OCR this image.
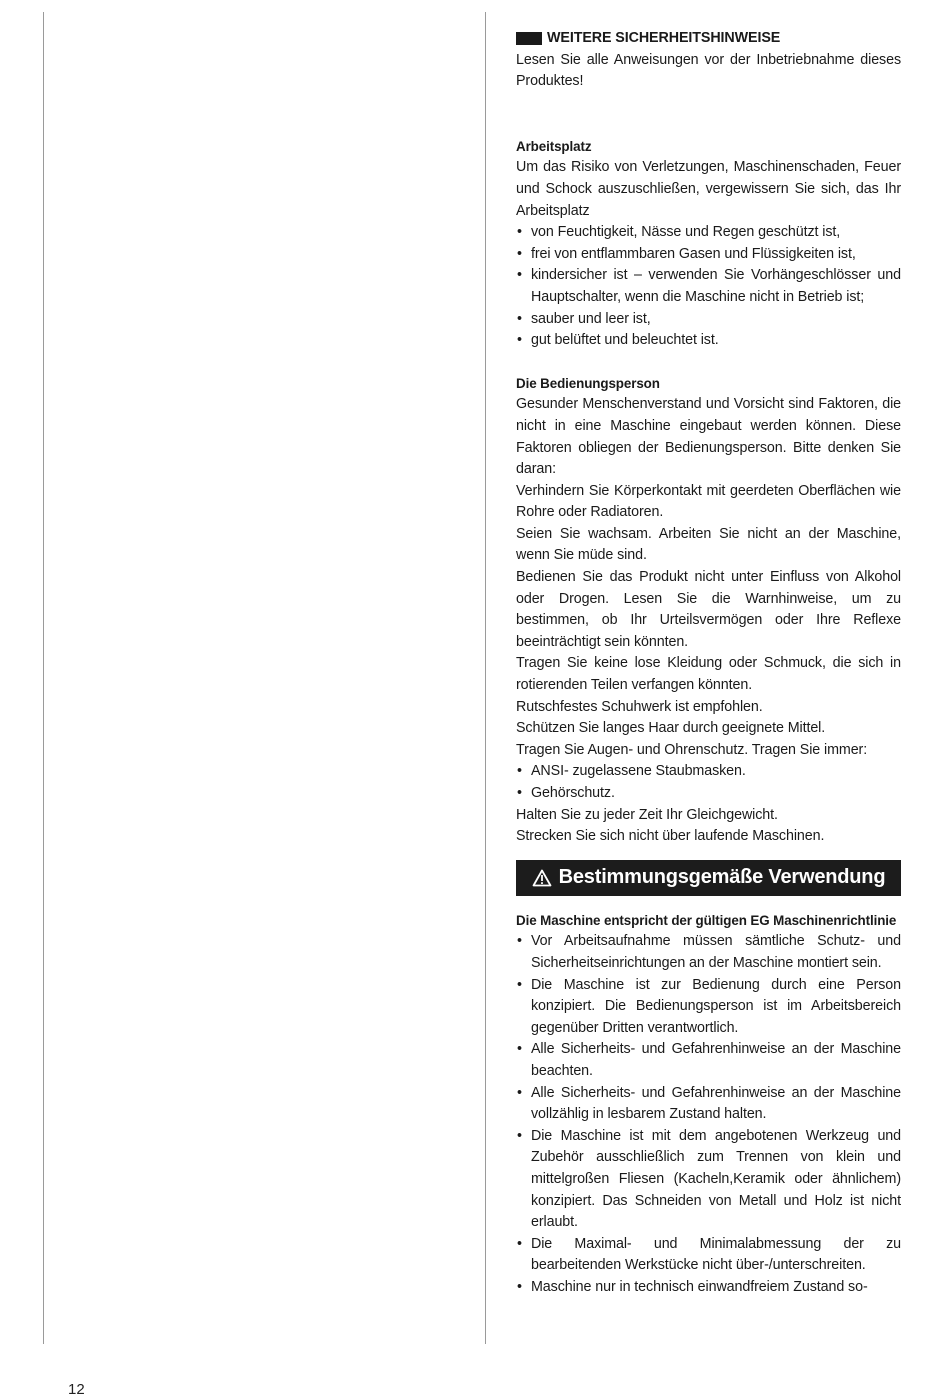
WEITERE SICHERHEITSHINWEISE

Lesen Sie alle Anweisungen vor der Inbetriebnahme dieses Produktes!

Arbeitsplatz

Um das Risiko von Verletzungen, Maschinenschaden, Feuer und Schock auszuschließen, vergewissern Sie sich, das Ihr Arbeitsplatz

• von Feuchtigkeit, Nässe und Regen geschützt ist,
• frei von entflammbaren Gasen und Flüssigkeiten ist,
• kindersicher ist – verwenden Sie Vorhängeschlösser und Hauptschalter, wenn die Maschine nicht in Betrieb ist;
• sauber und leer ist,
• gut belüftet und beleuchtet ist.
Die Bedienungsperson

Gesunder Menschenverstand und Vorsicht sind Faktoren, die nicht in eine Maschine eingebaut werden können. Diese Faktoren obliegen der Bedienungsperson. Bitte denken Sie daran:

Verhindern Sie Körperkontakt mit geerdeten Oberflächen wie Rohre oder Radiatoren.

Seien Sie wachsam. Arbeiten Sie nicht an der Maschine, wenn Sie müde sind.

Bedienen Sie das Produkt nicht unter Einfluss von Alkohol oder Drogen. Lesen Sie die Warnhinweise, um zu bestimmen, ob Ihr Urteilsvermögen oder Ihre Reflexe beeinträchtigt sein könnten.

Tragen Sie keine lose Kleidung oder Schmuck, die sich in rotierenden Teilen verfangen könnten.

Rutschfestes Schuhwerk ist empfohlen.

Schützen Sie langes Haar durch geeignete Mittel.

Tragen Sie Augen- und Ohrenschutz. Tragen Sie immer:

• ANSI- zugelassene Staubmasken.
• Gehörschutz.

Halten Sie zu jeder Zeit Ihr Gleichgewicht.

Strecken Sie sich nicht über laufende Maschinen.

Bestimmungsgemäße Verwendung
Die Maschine entspricht der gültigen EG Maschinenrichtlinie
• Vor Arbeitsaufnahme müssen sämtliche Schutz- und Sicherheitseinrichtungen an der Maschine montiert sein.
• Die Maschine ist zur Bedienung durch eine Person konzipiert. Die Bedienungsperson ist im Arbeitsbereich gegenüber Dritten verantwortlich.
• Alle Sicherheits- und Gefahrenhinweise an der Maschine beachten.
• Alle Sicherheits- und Gefahrenhinweise an der Maschine vollzählig in lesbarem Zustand halten.
• Die Maschine ist mit dem angebotenen Werkzeug und Zubehör ausschließlich zum Trennen von klein und mittelgroßen Fliesen (Kacheln,Keramik oder ähnlichem) konzipiert. Das Schneiden von Metall und Holz ist nicht erlaubt.
• Die Maximal- und Minimalabmessung der zu bearbeitenden Werkstücke nicht über-/unterschreiten.
• Maschine nur in technisch einwandfreiem Zustand so-
12
